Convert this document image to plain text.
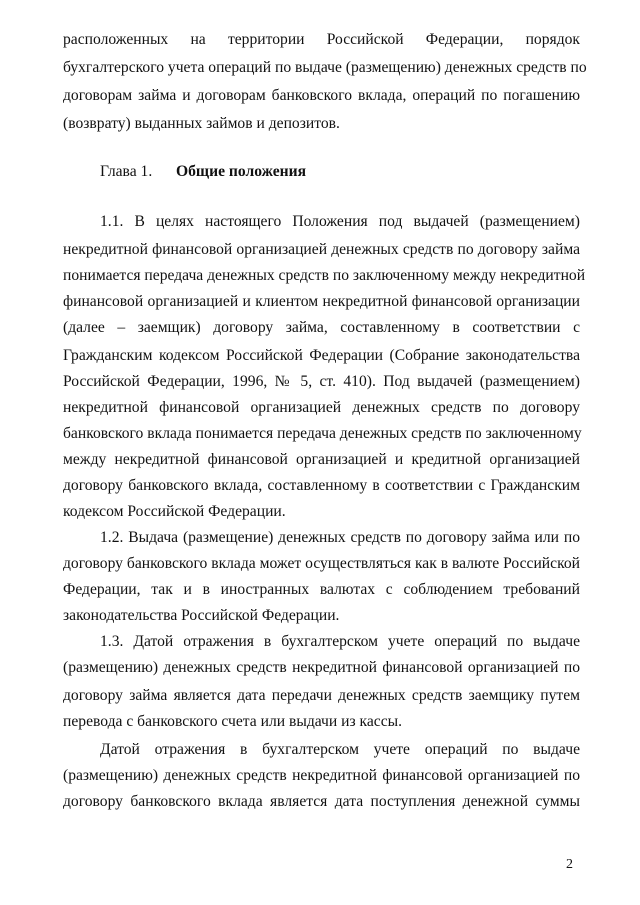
расположенных на территории Российской Федерации, порядок
бухгалтерского учета операций по выдаче (размещению) денежных средств по
договорам займа и договорам банковского вклада, операций по погашению
(возврату) выданных займов и депозитов.
Глава 1. Общие положения
1.1. В целях настоящего Положения под выдачей (размещением)
некредитной финансовой организацией денежных средств по договору займа
понимается передача денежных средств по заключенному между некредитной
финансовой организацией и клиентом некредитной финансовой организации
(далее – заемщик) договору займа, составленному в соответствии с
Гражданским кодексом Российской Федерации (Собрание законодательства
Российской Федерации, 1996, № 5, ст. 410). Под выдачей (размещением)
некредитной финансовой организацией денежных средств по договору
банковского вклада понимается передача денежных средств по заключенному
между некредитной финансовой организацией и кредитной организацией
договору банковского вклада, составленному в соответствии с Гражданским
кодексом Российской Федерации.
1.2. Выдача (размещение) денежных средств по договору займа или по
договору банковского вклада может осуществляться как в валюте Российской
Федерации, так и в иностранных валютах с соблюдением требований
законодательства Российской Федерации.
1.3. Датой отражения в бухгалтерском учете операций по выдаче
(размещению) денежных средств некредитной финансовой организацией по
договору займа является дата передачи денежных средств заемщику путем
перевода с банковского счета или выдачи из кассы.
Датой отражения в бухгалтерском учете операций по выдаче
(размещению) денежных средств некредитной финансовой организацией по
договору банковского вклада является дата поступления денежной суммы
2
